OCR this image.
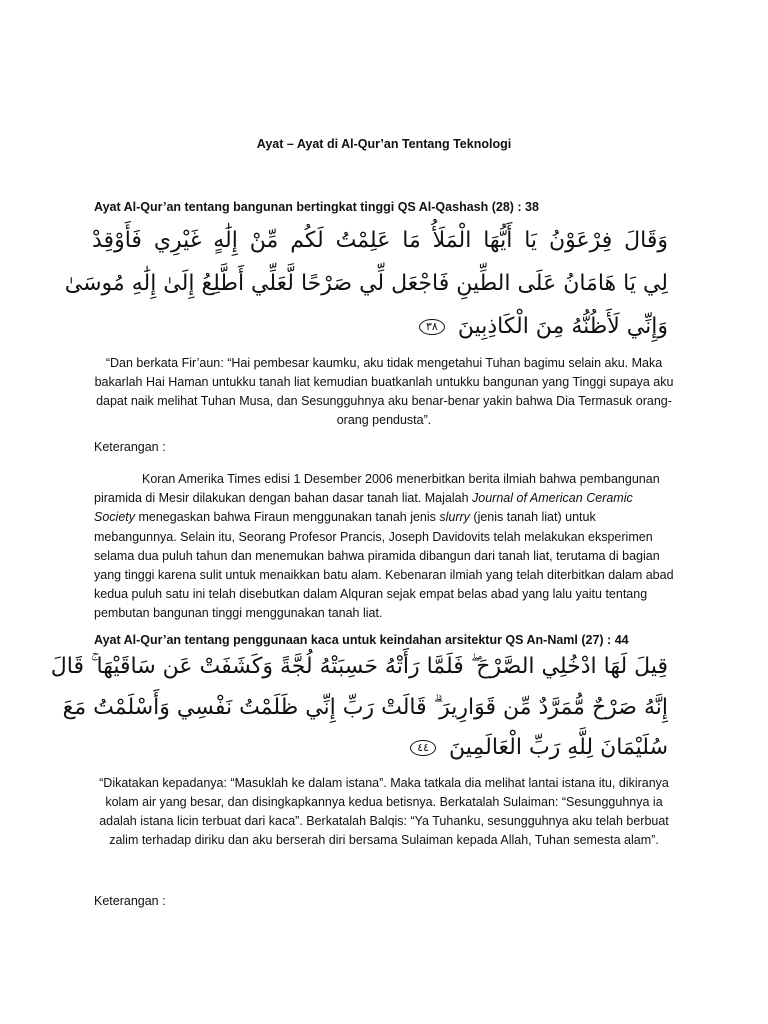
Ayat – Ayat di Al-Qur’an Tentang Teknologi
Ayat Al-Qur’an tentang bangunan bertingkat tinggi QS Al-Qashash (28) : 38
وَقَالَ فِرْعَوْنُ يَا أَيُّهَا الْمَلَأُ مَا عَلِمْتُ لَكُم مِّنْ إِلَٰهٍ غَيْرِي فَأَوْقِدْ
لِي يَا هَامَانُ عَلَى الطِّينِ فَاجْعَل لِّي صَرْحًا لَّعَلِّي أَطَّلِعُ إِلَىٰ إِلَٰهِ مُوسَىٰ
وَإِنِّي لَأَظُنُّهُ مِنَ الْكَاذِبِينَ ٣٨
“Dan berkata Fir’aun: “Hai pembesar kaumku, aku tidak mengetahui Tuhan bagimu selain aku. Maka bakarlah Hai Haman untukku tanah liat kemudian buatkanlah untukku bangunan yang Tinggi supaya aku dapat naik melihat Tuhan Musa, dan Sesungguhnya aku benar-benar yakin bahwa Dia Termasuk orang-orang pendusta”.
Keterangan :
Koran Amerika Times edisi 1 Desember 2006 menerbitkan berita ilmiah bahwa pembangunan piramida di Mesir dilakukan dengan bahan dasar tanah liat. Majalah Journal of American Ceramic Society menegaskan bahwa Firaun menggunakan tanah jenis slurry (jenis tanah liat) untuk mebangunnya. Selain itu, Seorang Profesor Prancis, Joseph Davidovits telah melakukan eksperimen selama dua puluh tahun dan menemukan bahwa piramida dibangun dari tanah liat, terutama di bagian yang tinggi karena sulit untuk menaikkan batu alam. Kebenaran ilmiah yang telah diterbitkan dalam abad kedua puluh satu ini telah disebutkan dalam Alquran sejak empat belas abad yang lalu yaitu tentang pembutan bangunan tinggi menggunakan tanah liat.
Ayat Al-Qur’an tentang penggunaan kaca untuk keindahan arsitektur QS An-Naml (27) : 44
قِيلَ لَهَا ادْخُلِي الصَّرْحَ ۖ فَلَمَّا رَأَتْهُ حَسِبَتْهُ لُجَّةً وَكَشَفَتْ عَن سَاقَيْهَا ۚ قَالَ
إِنَّهُ صَرْحٌ مُّمَرَّدٌ مِّن قَوَارِيرَ ۗ قَالَتْ رَبِّ إِنِّي ظَلَمْتُ نَفْسِي وَأَسْلَمْتُ مَعَ
سُلَيْمَانَ لِلَّهِ رَبِّ الْعَالَمِينَ ٤٤
“Dikatakan kepadanya: “Masuklah ke dalam istana”. Maka tatkala dia melihat lantai istana itu, dikiranya kolam air yang besar, dan disingkapkannya kedua betisnya. Berkatalah Sulaiman: “Sesungguhnya ia adalah istana licin terbuat dari kaca”. Berkatalah Balqis: “Ya Tuhanku, sesungguhnya aku telah berbuat zalim terhadap diriku dan aku berserah diri bersama Sulaiman kepada Allah, Tuhan semesta alam”.
Keterangan :
